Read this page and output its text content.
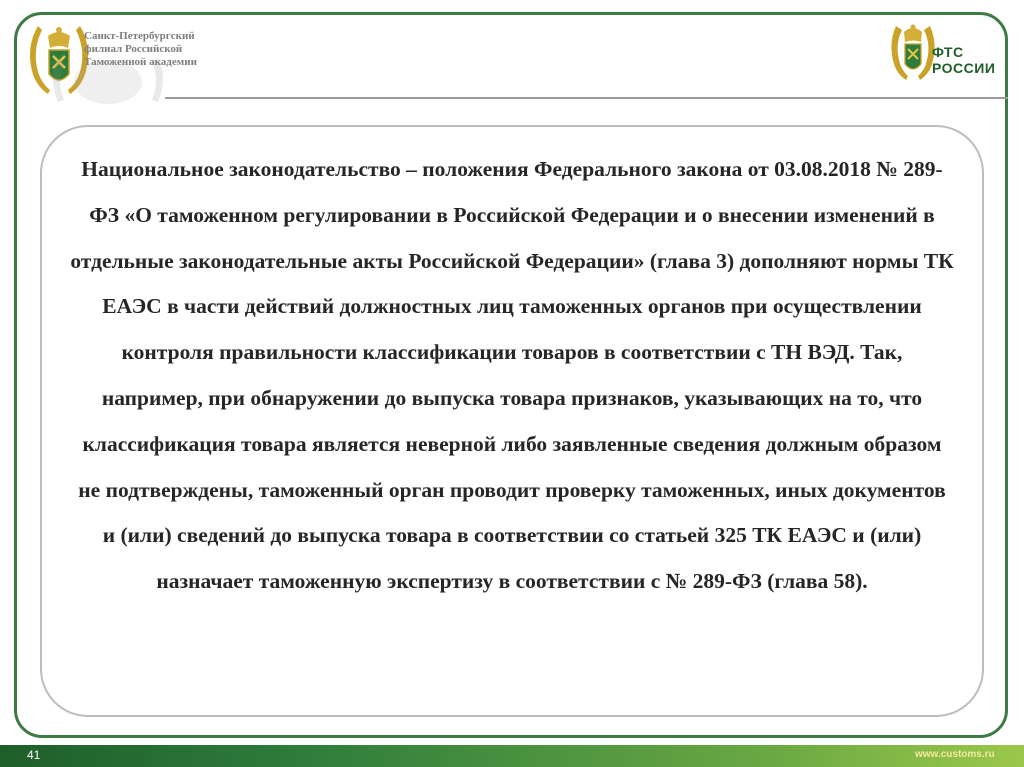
Санкт-Петербургский
филиал Российской
Таможенной академии
ФТС
РОССИИ

Национальное законодательство – положения Федерального закона от 03.08.2018 № 289-ФЗ «О таможенном регулировании в Российской Федерации и о внесении изменений в отдельные законодательные акты Российской Федерации» (глава 3) дополняют нормы ТК ЕАЭС в части действий должностных лиц таможенных органов при осуществлении контроля правильности классификации товаров в соответствии с ТН ВЭД. Так, например, при обнаружении до выпуска товара признаков, указывающих на то, что классификация товара является неверной либо заявленные сведения должным образом не подтверждены, таможенный орган проводит проверку таможенных, иных документов и (или) сведений до выпуска товара в соответствии со статьей 325 ТК ЕАЭС и (или) назначает таможенную экспертизу в соответствии с № 289-ФЗ (глава 58).

41	www.customs.ru
